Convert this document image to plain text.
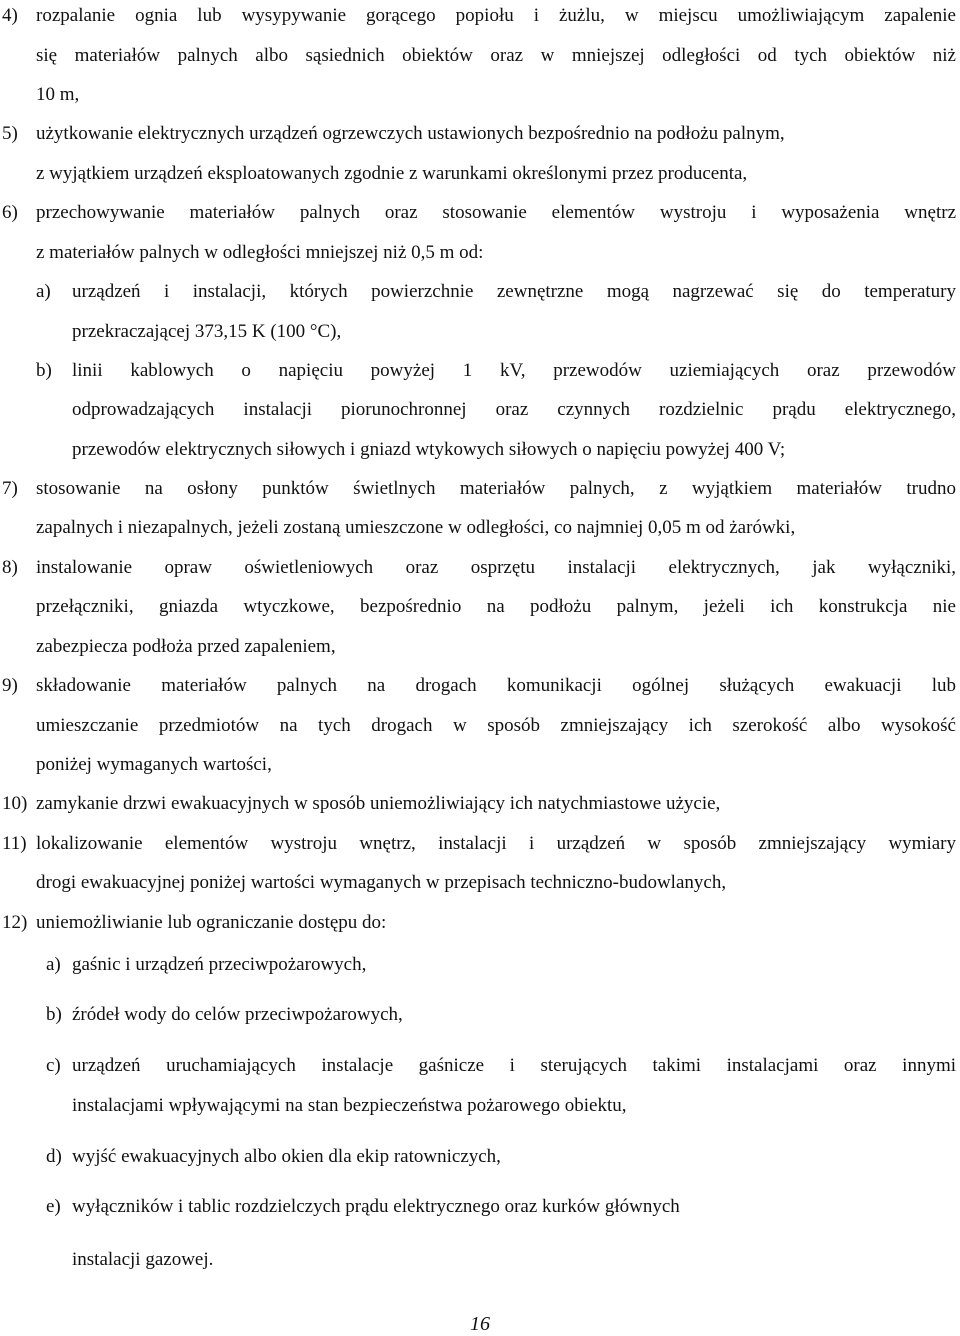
4) rozpalanie ognia lub wysypywanie gorącego popiołu i żużlu, w miejscu umożliwiającym zapalenie
się materiałów palnych albo sąsiednich obiektów oraz w mniejszej odległości od tych obiektów niż
10 m,
5) użytkowanie elektrycznych urządzeń ogrzewczych ustawionych bezpośrednio na podłożu palnym,
z wyjątkiem urządzeń eksploatowanych zgodnie z warunkami określonymi przez producenta,
6) przechowywanie materiałów palnych oraz stosowanie elementów wystroju i wyposażenia wnętrz
z materiałów palnych w odległości mniejszej niż 0,5 m od:
a) urządzeń i instalacji, których powierzchnie zewnętrzne mogą nagrzewać się do temperatury
przekraczającej 373,15 K (100 °C),
b) linii kablowych o napięciu powyżej 1 kV, przewodów uziemiających oraz przewodów
odprowadzających instalacji piorunochronnej oraz czynnych rozdzielnic prądu elektrycznego,
przewodów elektrycznych siłowych i gniazd wtykowych siłowych o napięciu powyżej 400 V;
7) stosowanie na osłony punktów świetlnych materiałów palnych, z wyjątkiem materiałów trudno
zapalnych i niezapalnych, jeżeli zostaną umieszczone w odległości, co najmniej 0,05 m od żarówki,
8) instalowanie opraw oświetleniowych oraz osprzętu instalacji elektrycznych, jak wyłączniki,
przełączniki, gniazda wtyczkowe, bezpośrednio na podłożu palnym, jeżeli ich konstrukcja nie
zabezpiecza podłoża przed zapaleniem,
9) składowanie materiałów palnych na drogach komunikacji ogólnej służących ewakuacji lub
umieszczanie przedmiotów na tych drogach w sposób zmniejszający ich szerokość albo wysokość
poniżej wymaganych wartości,
10) zamykanie drzwi ewakuacyjnych w sposób uniemożliwiający ich natychmiastowe użycie,
11) lokalizowanie elementów wystroju wnętrz, instalacji i urządzeń w sposób zmniejszający wymiary
drogi ewakuacyjnej poniżej wartości wymaganych w przepisach techniczno-budowlanych,
12) uniemożliwianie lub ograniczanie dostępu do:
a) gaśnic i urządzeń przeciwpożarowych,
b) źródeł wody do celów przeciwpożarowych,
c) urządzeń uruchamiających instalacje gaśnicze i sterujących takimi instalacjami oraz innymi
instalacjami wpływającymi na stan bezpieczeństwa pożarowego obiektu,
d) wyjść ewakuacyjnych albo okien dla ekip ratowniczych,
e) wyłączników i tablic rozdzielczych prądu elektrycznego oraz kurków głównych
instalacji gazowej.
16
